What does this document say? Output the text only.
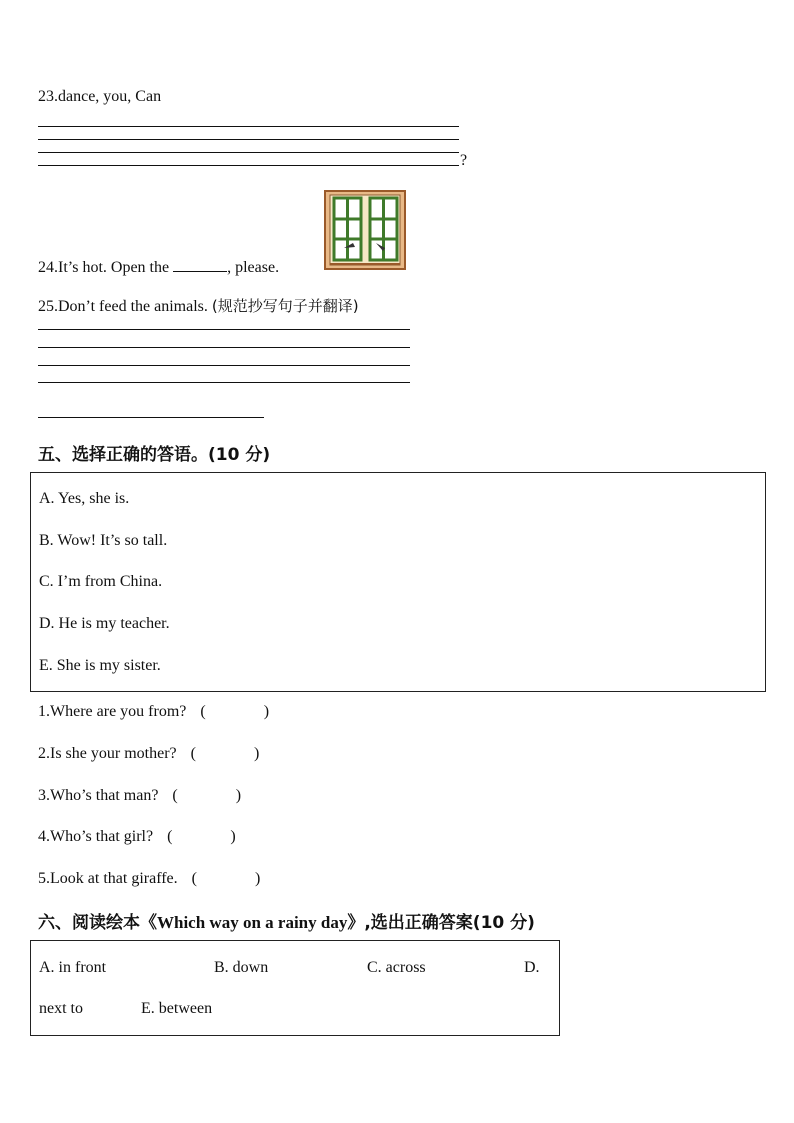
23.dance, you, Can
?
24.It’s hot. Open the	, please.
25.Don’t feed the animals. (规范抄写句子并翻译)
五、选择正确的答语。(10 分)
A. Yes, she is.
B. Wow! It’s so tall.
C. I’m from China.
D. He is my teacher.
E. She is my sister.
1.Where are you from? (	)
2.Is she your mother? (	)
3.Who’s that man? (	)
4.Who’s that girl? (	)
5.Look at that giraffe. (	)
六、阅读绘本《Which way on a rainy day》,选出正确答案(10 分)
A. in front	B. down	C. across	D.
next to	E. between
